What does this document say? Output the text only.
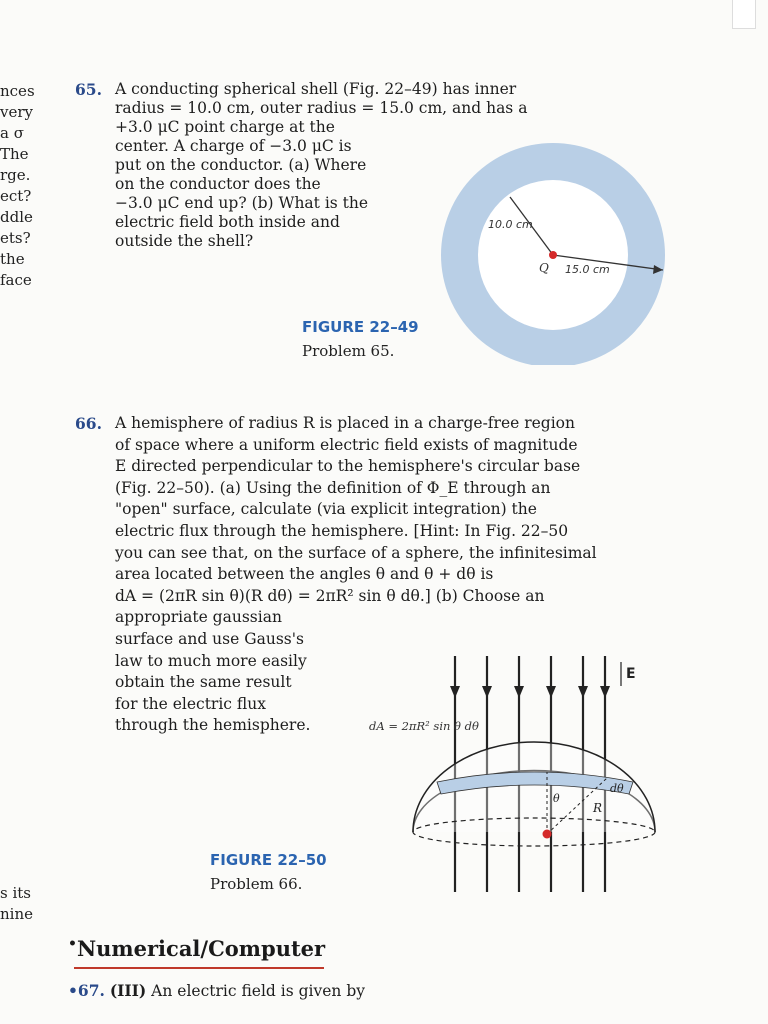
nces
very
a σ
The
rge.
ect?
ddle
ets?
the
face
s its
nine
65. A conducting spherical shell (Fig. 22–49) has inner
radius = 10.0 cm, outer radius = 15.0 cm, and has a
+3.0 μC point charge at the
center. A charge of −3.0 μC is
put on the conductor. (a) Where
on the conductor does the
−3.0 μC end up? (b) What is the
electric field both inside and
outside the shell?
10.0 cm
15.0 cm
Q
FIGURE 22–49
Problem 65.
66. A hemisphere of radius R is placed in a charge-free region
of space where a uniform electric field exists of magnitude
E directed perpendicular to the hemisphere's circular base
(Fig. 22–50). (a) Using the definition of Φ_E through an
"open" surface, calculate (via explicit integration) the
electric flux through the hemisphere. [Hint: In Fig. 22–50
you can see that, on the surface of a sphere, the infinitesimal
area located between the angles θ and θ + dθ is
dA = (2πR sin θ)(R dθ) = 2πR² sin θ dθ.] (b) Choose an
appropriate gaussian
surface and use Gauss's
law to much more easily
obtain the same result
for the electric flux
through the hemisphere.
E
θ
R
dθ
dA = 2πR² sin θ dθ
FIGURE 22–50
Problem 66.
•Numerical/Computer
•67. (III) An electric field is given by
